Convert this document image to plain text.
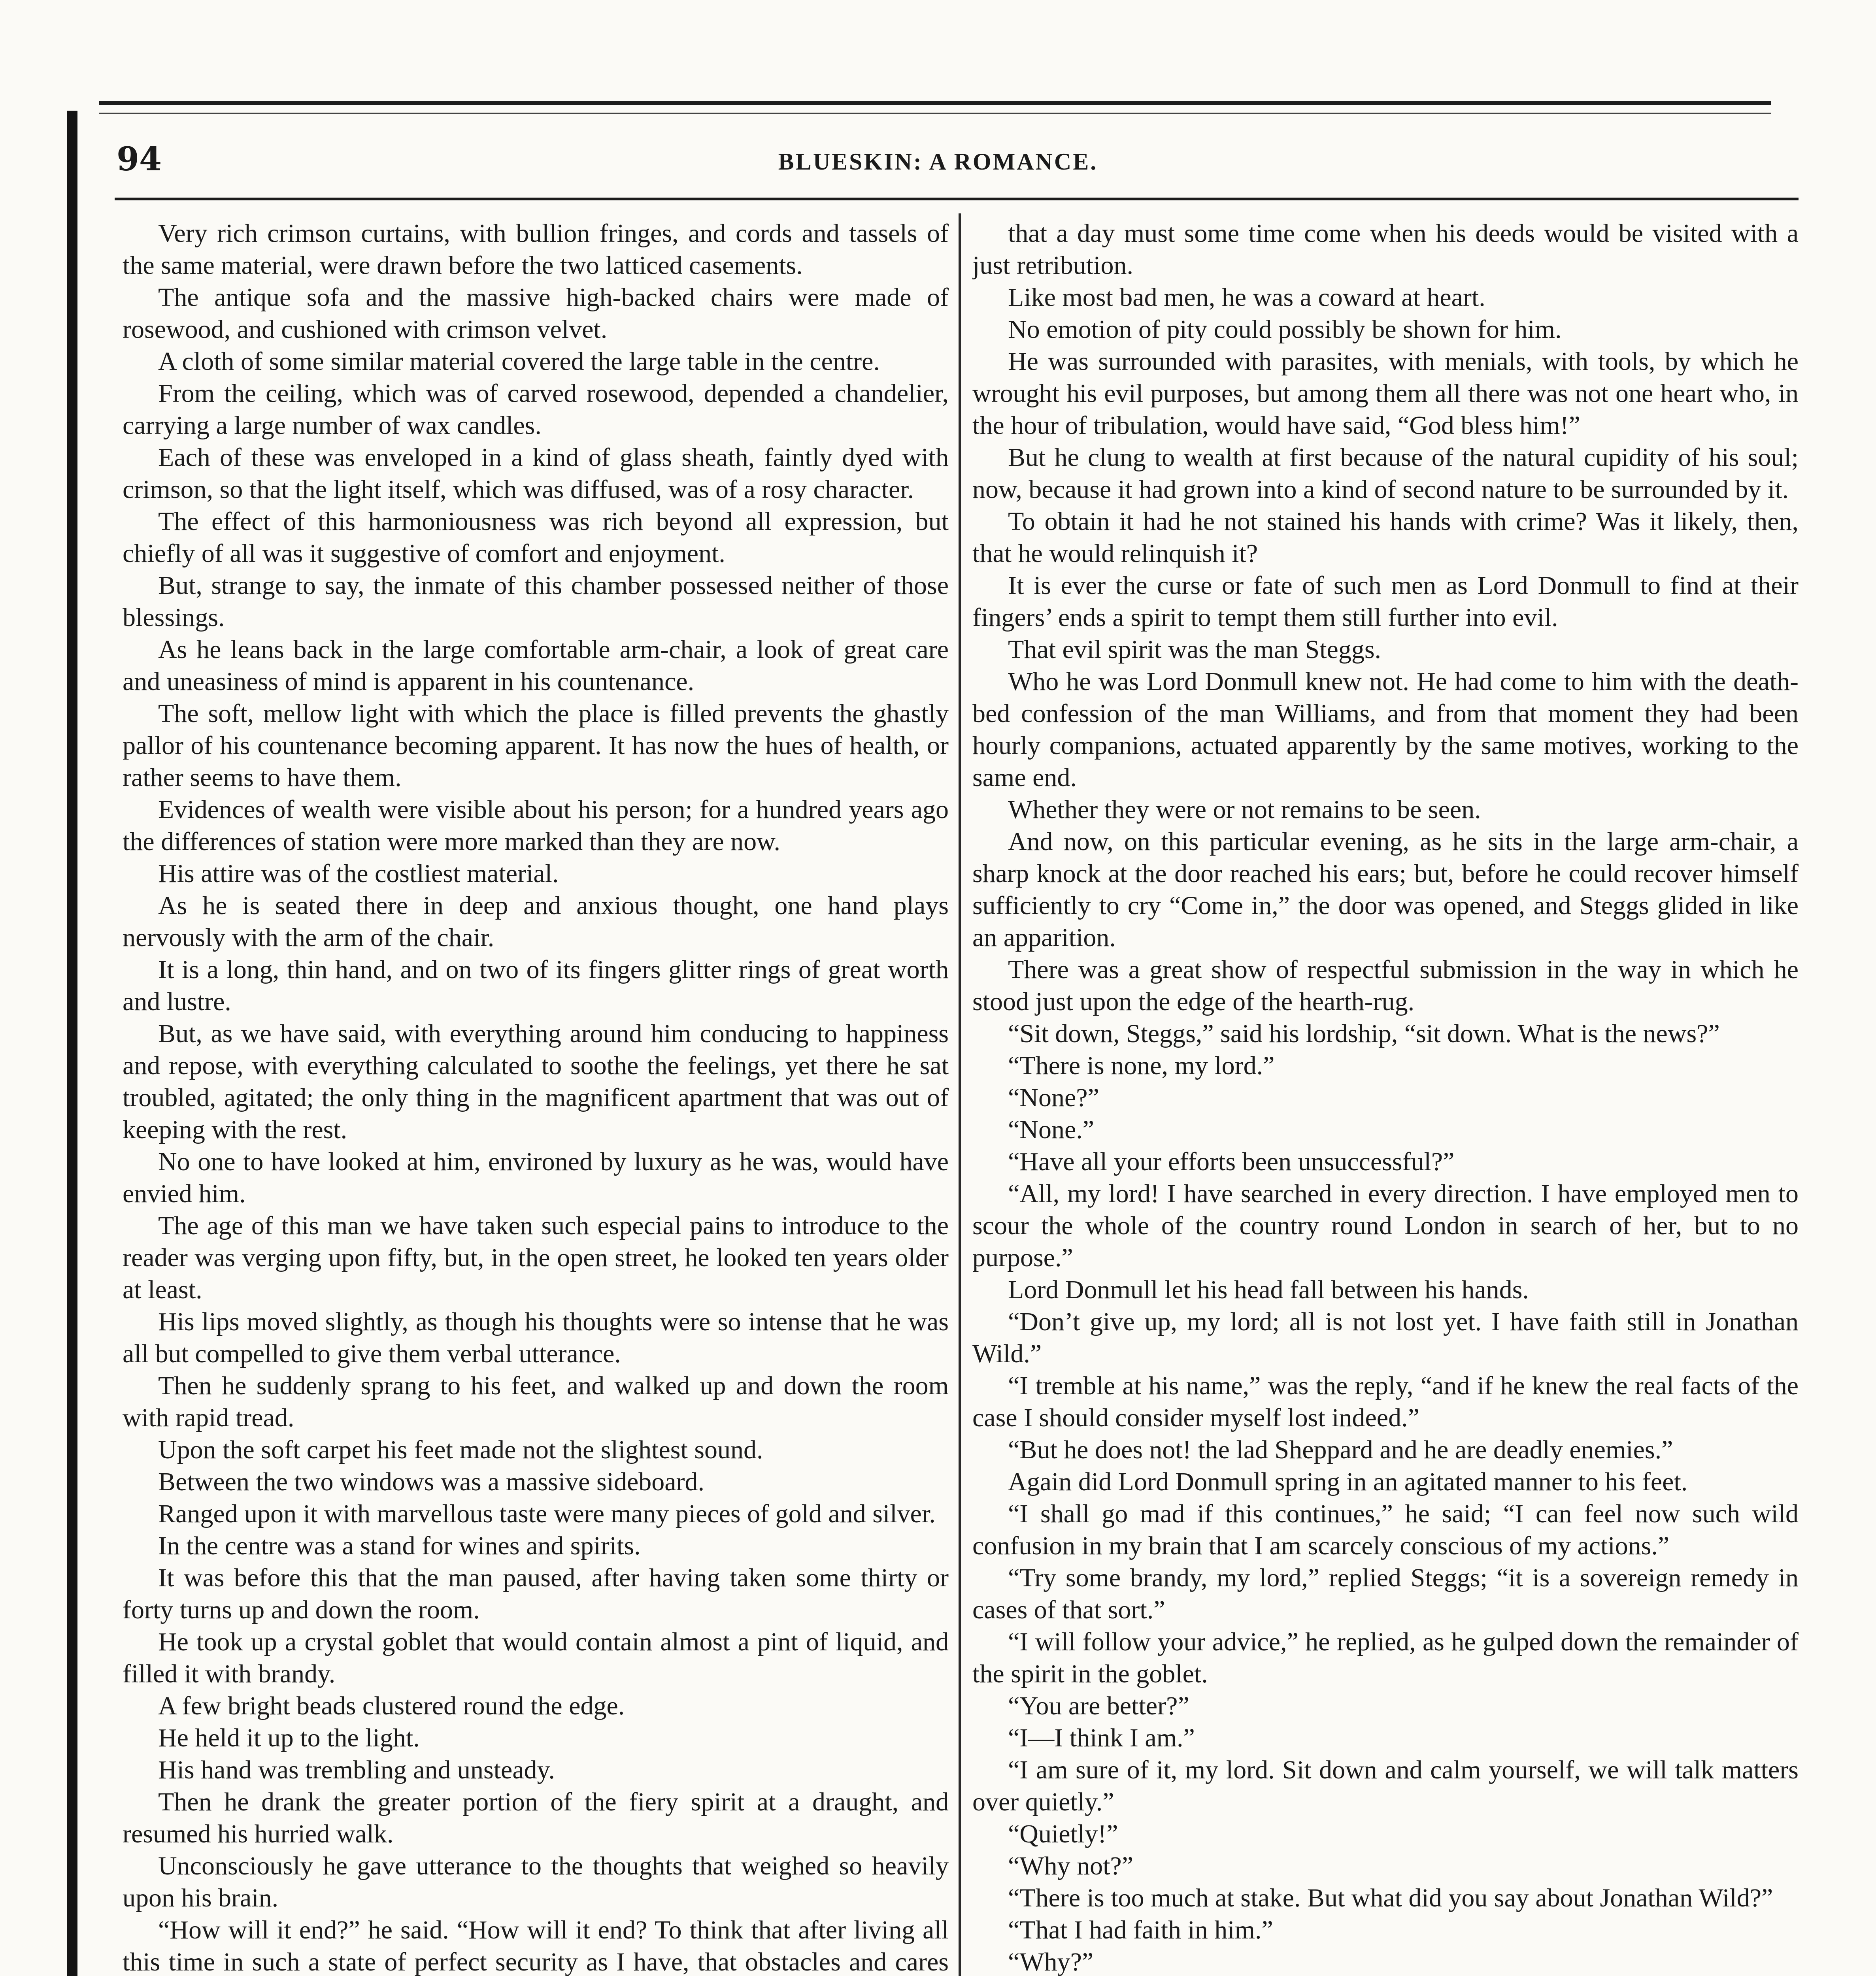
94	BLUESKIN: A ROMANCE.

Very rich crimson curtains, with bullion fringes, and cords and tassels of the same material, were drawn before the two latticed casements.

The antique sofa and the massive high-backed chairs were made of rosewood, and cushioned with crimson velvet.

A cloth of some similar material covered the large table in the centre.

From the ceiling, which was of carved rosewood, depended a chandelier, carrying a large number of wax candles.

Each of these was enveloped in a kind of glass sheath, faintly dyed with crimson, so that the light itself, which was diffused, was of a rosy character.

The effect of this harmoniousness was rich beyond all expression, but chiefly of all was it suggestive of comfort and enjoyment.

But, strange to say, the inmate of this chamber possessed neither of those blessings.

As he leans back in the large comfortable arm-chair, a look of great care and uneasiness of mind is apparent in his countenance.

The soft, mellow light with which the place is filled prevents the ghastly pallor of his countenance becoming apparent. It has now the hues of health, or rather seems to have them.

Evidences of wealth were visible about his person; for a hundred years ago the differences of station were more marked than they are now.

His attire was of the costliest material.

As he is seated there in deep and anxious thought, one hand plays nervously with the arm of the chair.

It is a long, thin hand, and on two of its fingers glitter rings of great worth and lustre.

But, as we have said, with everything around him conducing to happiness and repose, with everything calculated to soothe the feelings, yet there he sat troubled, agitated; the only thing in the magnificent apartment that was out of keeping with the rest.

No one to have looked at him, environed by luxury as he was, would have envied him.

The age of this man we have taken such especial pains to introduce to the reader was verging upon fifty, but, in the open street, he looked ten years older at least.

His lips moved slightly, as though his thoughts were so intense that he was all but compelled to give them verbal utterance.

Then he suddenly sprang to his feet, and walked up and down the room with rapid tread.

Upon the soft carpet his feet made not the slightest sound.

Between the two windows was a massive sideboard.

Ranged upon it with marvellous taste were many pieces of gold and silver.

In the centre was a stand for wines and spirits.

It was before this that the man paused, after having taken some thirty or forty turns up and down the room.

He took up a crystal goblet that would contain almost a pint of liquid, and filled it with brandy.

A few bright beads clustered round the edge.

He held it up to the light.

His hand was trembling and unsteady.

Then he drank the greater portion of the fiery spirit at a draught, and resumed his hurried walk.

Unconsciously he gave utterance to the thoughts that weighed so heavily upon his brain.

“How will it end?” he said. “How will it end? To think that after living all this time in such a state of perfect security as I have, that obstacles and cares

that a day must some time come when his deeds would be visited with a just retribution.

Like most bad men, he was a coward at heart.

No emotion of pity could possibly be shown for him.

He was surrounded with parasites, with menials, with tools, by which he wrought his evil purposes, but among them all there was not one heart who, in the hour of tribulation, would have said, “God bless him!”

But he clung to wealth at first because of the natural cupidity of his soul; now, because it had grown into a kind of second nature to be surrounded by it.

To obtain it had he not stained his hands with crime? Was it likely, then, that he would relinquish it?

It is ever the curse or fate of such men as Lord Donmull to find at their fingers’ ends a spirit to tempt them still further into evil.

That evil spirit was the man Steggs.

Who he was Lord Donmull knew not. He had come to him with the death-bed confession of the man Williams, and from that moment they had been hourly companions, actuated apparently by the same motives, working to the same end.

Whether they were or not remains to be seen.

And now, on this particular evening, as he sits in the large arm-chair, a sharp knock at the door reached his ears; but, before he could recover himself sufficiently to cry “Come in,” the door was opened, and Steggs glided in like an apparition.

There was a great show of respectful submission in the way in which he stood just upon the edge of the hearth-rug.

“Sit down, Steggs,” said his lordship, “sit down. What is the news?”

“There is none, my lord.”

“None?”

“None.”

“Have all your efforts been unsuccessful?”

“All, my lord! I have searched in every direction. I have employed men to scour the whole of the country round London in search of her, but to no purpose.”

Lord Donmull let his head fall between his hands.

“Don’t give up, my lord; all is not lost yet. I have faith still in Jonathan Wild.”

“I tremble at his name,” was the reply, “and if he knew the real facts of the case I should consider myself lost indeed.”

“But he does not! the lad Sheppard and he are deadly enemies.”

Again did Lord Donmull spring in an agitated manner to his feet.

“I shall go mad if this continues,” he said; “I can feel now such wild confusion in my brain that I am scarcely conscious of my actions.”

“Try some brandy, my lord,” replied Steggs; “it is a sovereign remedy in cases of that sort.”

“I will follow your advice,” he replied, as he gulped down the remainder of the spirit in the goblet.

“You are better?”

“I—I think I am.”

“I am sure of it, my lord. Sit down and calm yourself, we will talk matters over quietly.”

“Quietly!”

“Why not?”

“There is too much at stake. But what did you say about Jonathan Wild?”

“That I had faith in him.”

“Why?”
